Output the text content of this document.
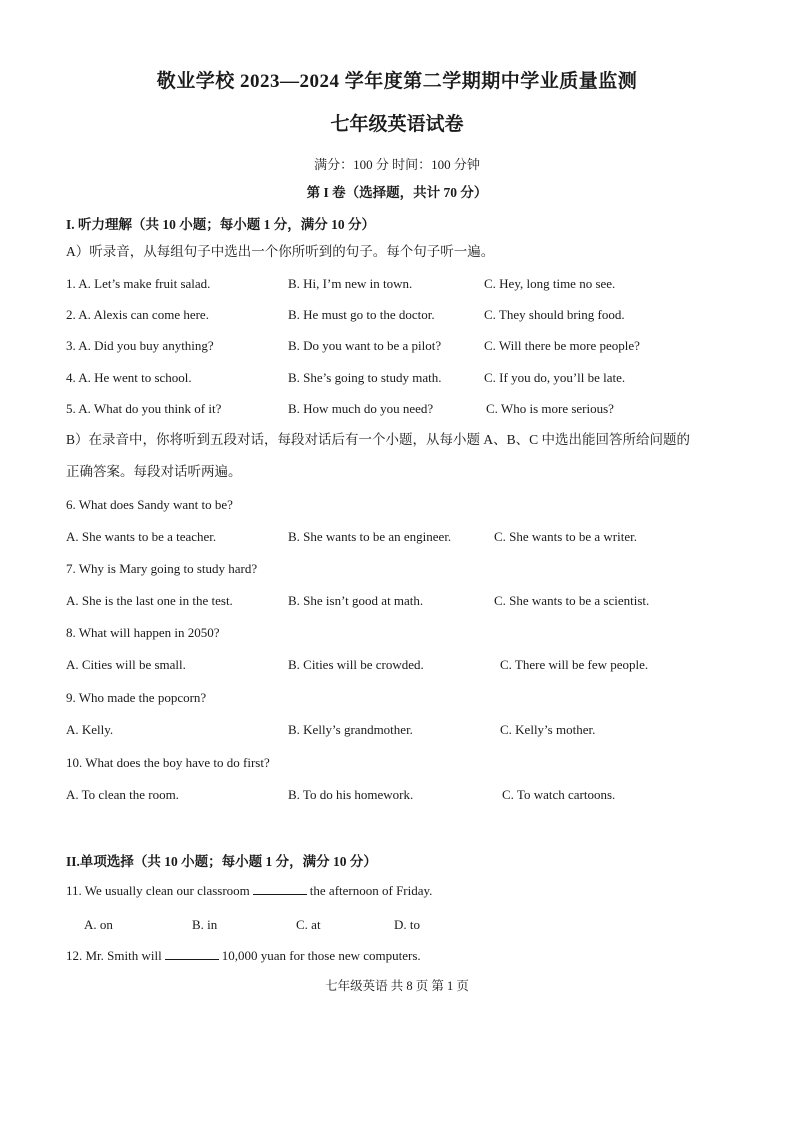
敬业学校 2023—2024 学年度第二学期期中学业质量监测
七年级英语试卷
满分：100 分 时间：100 分钟
第 I 卷（选择题，共计 70 分）
I. 听力理解（共 10 小题；每小题 1 分，满分 10 分）
A）听录音，从每组句子中选出一个你所听到的句子。每个句子听一遍。
1. A. Let’s make fruit salad.	B. Hi, I’m new in town.	C. Hey, long time no see.
2. A. Alexis can come here.	B. He must go to the doctor.	C. They should bring food.
3. A. Did you buy anything?	B. Do you want to be a pilot?	C. Will there be more people?
4. A. He went to school.	B. She’s going to study math.	C. If you do, you’ll be late.
5. A. What do you think of it?	B. How much do you need?	C. Who is more serious?
B）在录音中，你将听到五段对话，每段对话后有一个小题，从每小题 A、B、C 中选出能回答所给问题的
正确答案。每段对话听两遍。
6. What does Sandy want to be?
A. She wants to be a teacher.	B. She wants to be an engineer.	C. She wants to be a writer.
7. Why is Mary going to study hard?
A. She is the last one in the test.	B. She isn’t good at math.	C. She wants to be a scientist.
8. What will happen in 2050?
A. Cities will be small.	B. Cities will be crowded.	C. There will be few people.
9. Who made the popcorn?
A. Kelly.	B. Kelly’s grandmother.	C. Kelly’s mother.
10. What does the boy have to do first?
A. To clean the room.	B. To do his homework.	C. To watch cartoons.
II.单项选择（共 10 小题；每小题 1 分，满分 10 分）
11. We usually clean our classroom	the afternoon of Friday.
A. on	B. in	C. at	D. to
12. Mr. Smith will	10,000 yuan for those new computers.
七年级英语 共 8 页 第 1 页
